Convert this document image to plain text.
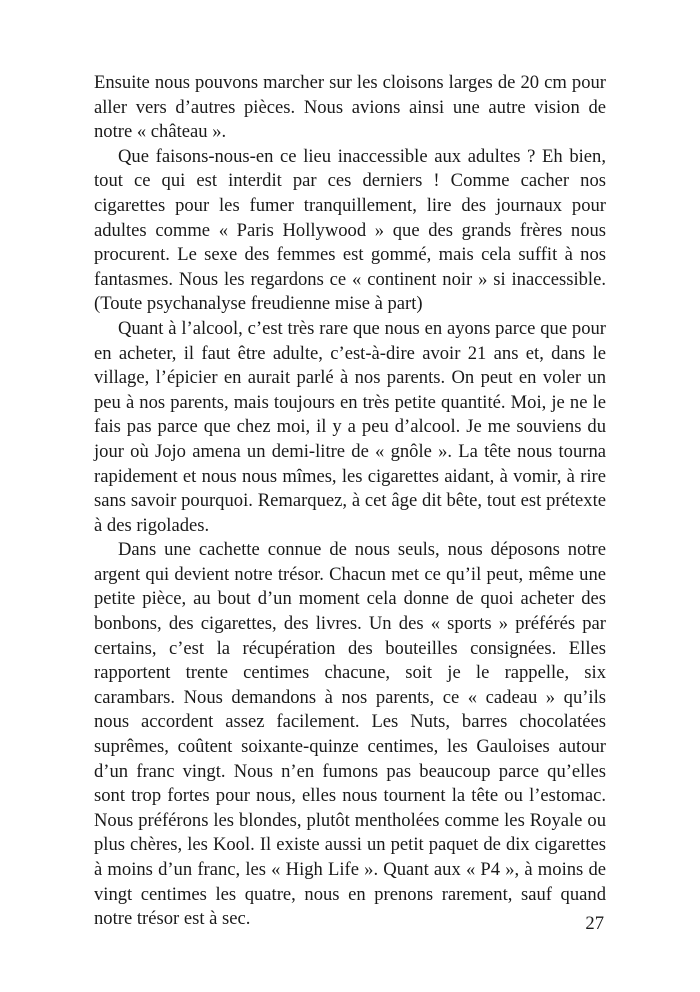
Ensuite nous pouvons marcher sur les cloisons larges de 20 cm pour aller vers d’autres pièces. Nous avions ainsi une autre vision de notre « château ».

Que faisons-nous-en ce lieu inaccessible aux adultes ? Eh bien, tout ce qui est interdit par ces derniers ! Comme cacher nos cigarettes pour les fumer tranquillement, lire des journaux pour adultes comme « Paris Hollywood » que des grands frères nous procurent. Le sexe des femmes est gommé, mais cela suffit à nos fantasmes. Nous les regardons ce « continent noir » si inaccessible. (Toute psychanalyse freudienne mise à part)

Quant à l’alcool, c’est très rare que nous en ayons parce que pour en acheter, il faut être adulte, c’est-à-dire avoir 21 ans et, dans le village, l’épicier en aurait parlé à nos parents. On peut en voler un peu à nos parents, mais toujours en très petite quantité. Moi, je ne le fais pas parce que chez moi, il y a peu d’alcool. Je me souviens du jour où Jojo amena un demi-litre de « gnôle ». La tête nous tourna rapidement et nous nous mîmes, les cigarettes aidant, à vomir, à rire sans savoir pourquoi. Remarquez, à cet âge dit bête, tout est prétexte à des rigolades.

Dans une cachette connue de nous seuls, nous déposons notre argent qui devient notre trésor. Chacun met ce qu’il peut, même une petite pièce, au bout d’un moment cela donne de quoi acheter des bonbons, des cigarettes, des livres. Un des « sports » préférés par certains, c’est la récupération des bouteilles consignées. Elles rapportent trente centimes chacune, soit je le rappelle, six carambars. Nous demandons à nos parents, ce « cadeau » qu’ils nous accordent assez facilement. Les Nuts, barres chocolatées suprêmes, coûtent soixante-quinze centimes, les Gauloises autour d’un franc vingt. Nous n’en fumons pas beaucoup parce qu’elles sont trop fortes pour nous, elles nous tournent la tête ou l’estomac. Nous préférons les blondes, plutôt mentholées comme les Royale ou plus chères, les Kool. Il existe aussi un petit paquet de dix cigarettes à moins d’un franc, les « High Life ». Quant aux « P4 », à moins de vingt centimes les quatre, nous en prenons rarement, sauf quand notre trésor est à sec.	27
